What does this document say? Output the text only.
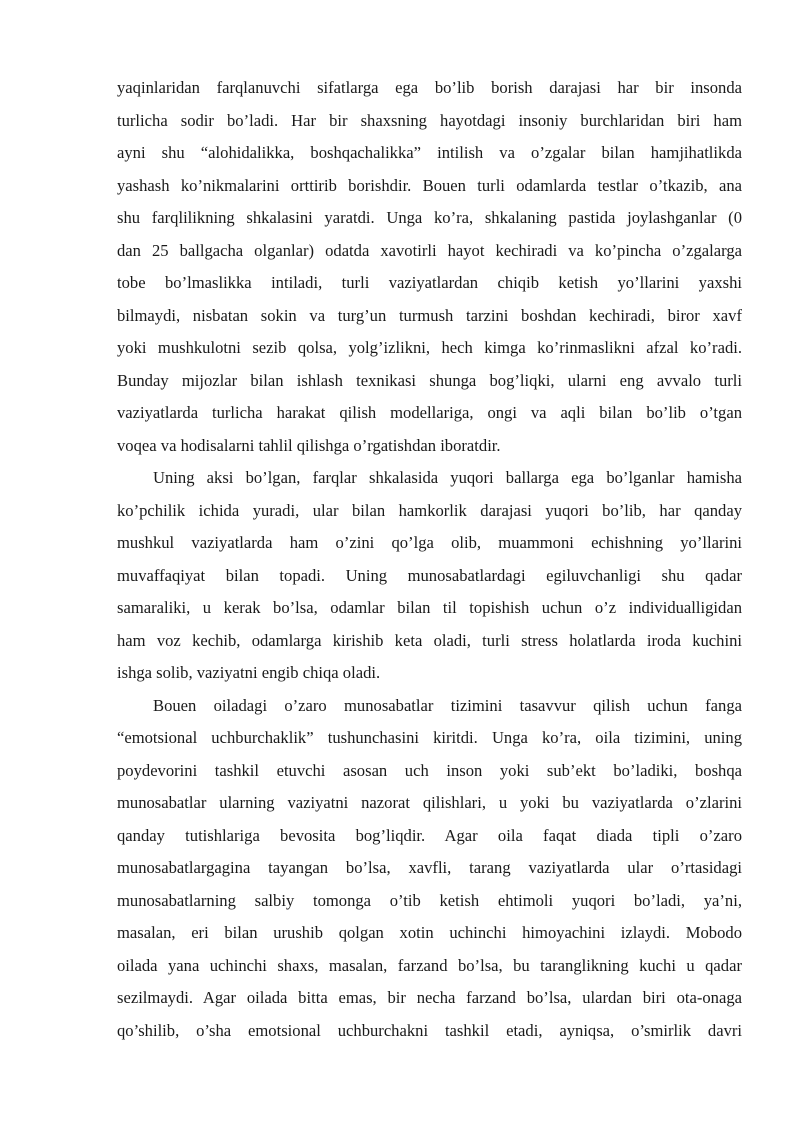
yaqinlaridan farqlanuvchi sifatlarga ega bo’lib borish darajasi har bir insonda
turlicha sodir bo’ladi. Har bir shaxsning hayotdagi insoniy burchlaridan biri ham
ayni shu “alohidalikka, boshqachalikka” intilish va o’zgalar bilan hamjihatlikda
yashash ko’nikmalarini orttirib borishdir. Bouen turli odamlarda testlar o’tkazib, ana
shu farqlilikning shkalasini yaratdi. Unga ko’ra, shkalaning pastida joylashganlar (0
dan 25 ballgacha olganlar) odatda xavotirli hayot kechiradi va ko’pincha o’zgalarga
tobe bo’lmaslikka intiladi, turli vaziyatlardan chiqib ketish yo’llarini yaxshi
bilmaydi, nisbatan sokin va turg’un turmush tarzini boshdan kechiradi, biror xavf
yoki mushkulotni sezib qolsa, yolg’izlikni, hech kimga ko’rinmaslikni afzal ko’radi.
Bunday mijozlar bilan ishlash texnikasi shunga bog’liqki, ularni eng avvalo turli
vaziyatlarda turlicha harakat qilish modellariga, ongi va aqli bilan bo’lib o’tgan
voqea va hodisalarni tahlil qilishga o’rgatishdan iboratdir.
Uning aksi bo’lgan, farqlar shkalasida yuqori ballarga ega bo’lganlar hamisha
ko’pchilik ichida yuradi, ular bilan hamkorlik darajasi yuqori bo’lib, har qanday
mushkul vaziyatlarda ham o’zini qo’lga olib, muammoni echishning yo’llarini
muvaffaqiyat bilan topadi. Uning munosabatlardagi egiluvchanligi shu qadar
samaraliki, u kerak bo’lsa, odamlar bilan til topishish uchun o’z individualligidan
ham voz kechib, odamlarga kirishib keta oladi, turli stress holatlarda iroda kuchini
ishga solib, vaziyatni engib chiqa oladi.
Bouen oiladagi o’zaro munosabatlar tizimini tasavvur qilish uchun fanga
“emotsional uchburchaklik” tushunchasini kiritdi. Unga ko’ra, oila tizimini, uning
poydevorini tashkil etuvchi asosan uch inson yoki sub’ekt bo’ladiki, boshqa
munosabatlar ularning vaziyatni nazorat qilishlari, u yoki bu vaziyatlarda o’zlarini
qanday tutishlariga bevosita bog’liqdir. Agar oila faqat diada tipli o’zaro
munosabatlargagina tayangan bo’lsa, xavfli, tarang vaziyatlarda ular o’rtasidagi
munosabatlarning salbiy tomonga o’tib ketish ehtimoli yuqori bo’ladi, ya’ni,
masalan, eri bilan urushib qolgan xotin uchinchi himoyachini izlaydi. Mobodo
oilada yana uchinchi shaxs, masalan, farzand bo’lsa, bu taranglikning kuchi u qadar
sezilmaydi. Agar oilada bitta emas, bir necha farzand bo’lsa, ulardan biri ota-onaga
qo’shilib, o’sha emotsional uchburchakni tashkil etadi, ayniqsa, o’smirlik davri
